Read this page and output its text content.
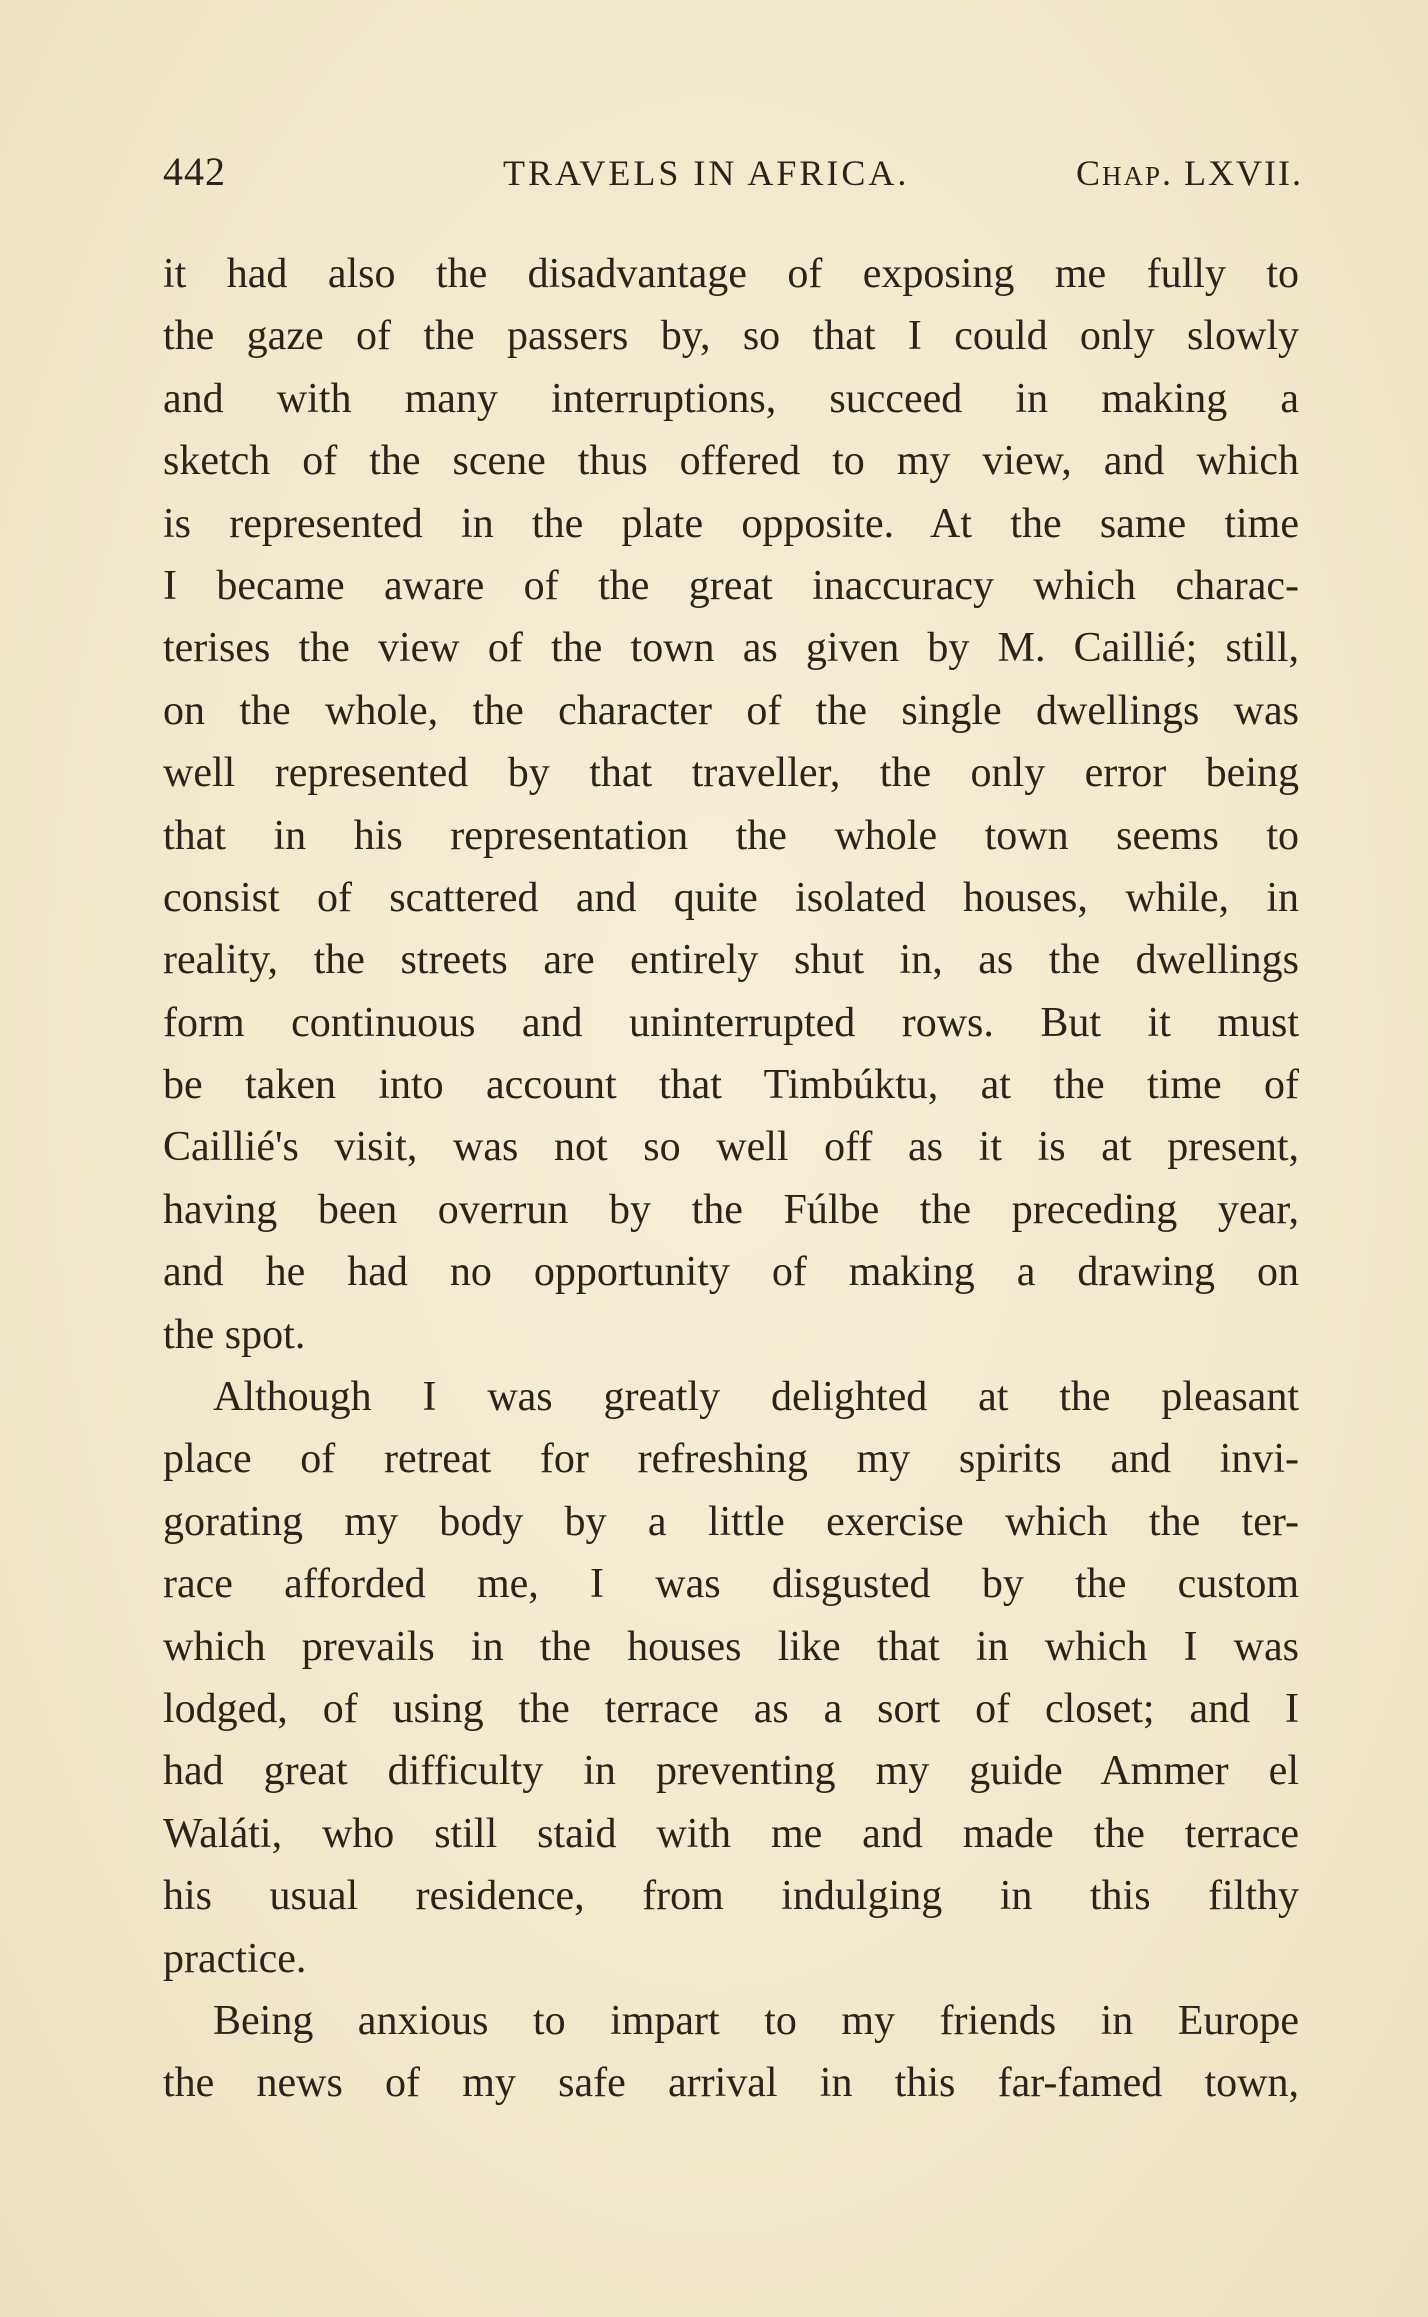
442	TRAVELS IN AFRICA.	CHAP. LXVII.
it had also the disadvantage of exposing me fully to
the gaze of the passers by, so that I could only slowly
and with many interruptions, succeed in making a
sketch of the scene thus offered to my view, and which
is represented in the plate opposite. At the same time
I became aware of the great inaccuracy which charac-
terises the view of the town as given by M. Caillié; still,
on the whole, the character of the single dwellings was
well represented by that traveller, the only error being
that in his representation the whole town seems to
consist of scattered and quite isolated houses, while, in
reality, the streets are entirely shut in, as the dwellings
form continuous and uninterrupted rows. But it must
be taken into account that Timbúktu, at the time of
Caillié's visit, was not so well off as it is at present,
having been overrun by the Fúlbe the preceding year,
and he had no opportunity of making a drawing on
the spot.
Although I was greatly delighted at the pleasant
place of retreat for refreshing my spirits and invi-
gorating my body by a little exercise which the ter-
race afforded me, I was disgusted by the custom
which prevails in the houses like that in which I was
lodged, of using the terrace as a sort of closet; and I
had great difficulty in preventing my guide Ammer el
Waláti, who still staid with me and made the terrace
his usual residence, from indulging in this filthy
practice.
Being anxious to impart to my friends in Europe
the news of my safe arrival in this far-famed town,
